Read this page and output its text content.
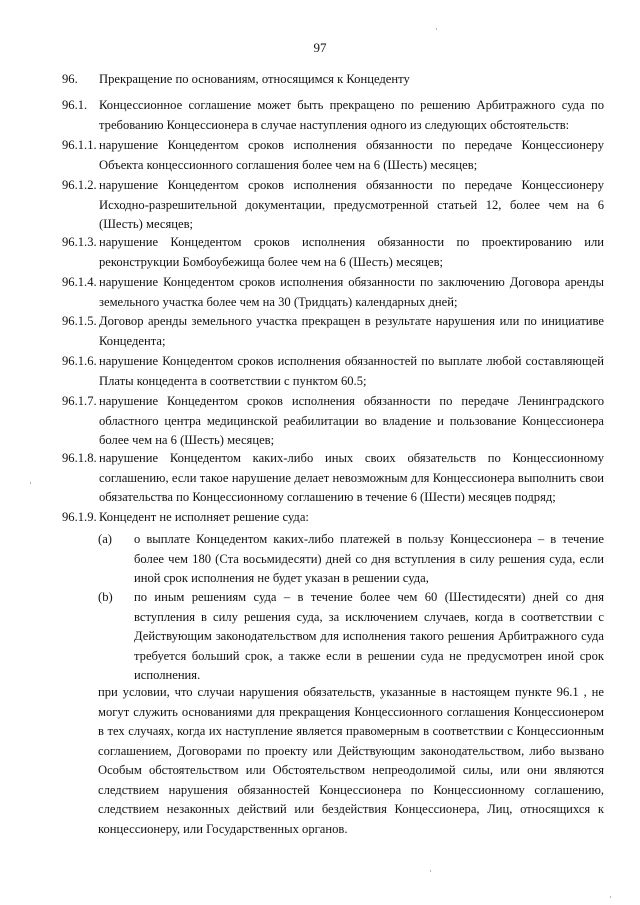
97
96. Прекращение по основаниям, относящимся к Концеденту
96.1. Концессионное соглашение может быть прекращено по решению Арбитражного суда по требованию Концессионера в случае наступления одного из следующих обстоятельств:
96.1.1. нарушение Концедентом сроков исполнения обязанности по передаче Концессионеру Объекта концессионного соглашения более чем на 6 (Шесть) месяцев;
96.1.2. нарушение Концедентом сроков исполнения обязанности по передаче Концессионеру Исходно-разрешительной документации, предусмотренной статьей 12, более чем на 6 (Шесть) месяцев;
96.1.3. нарушение Концедентом сроков исполнения обязанности по проектированию или реконструкции Бомбоубежища более чем на 6 (Шесть) месяцев;
96.1.4. нарушение Концедентом сроков исполнения обязанности по заключению Договора аренды земельного участка более чем на 30 (Тридцать) календарных дней;
96.1.5. Договор аренды земельного участка прекращен в результате нарушения или по инициативе Концедента;
96.1.6. нарушение Концедентом сроков исполнения обязанностей по выплате любой составляющей Платы концедента в соответствии с пунктом 60.5;
96.1.7. нарушение Концедентом сроков исполнения обязанности по передаче Ленинградского областного центра медицинской реабилитации во владение и пользование Концессионера более чем на 6 (Шесть) месяцев;
96.1.8. нарушение Концедентом каких-либо иных своих обязательств по Концессионному соглашению, если такое нарушение делает невозможным для Концессионера выполнить свои обязательства по Концессионному соглашению в течение 6 (Шести) месяцев подряд;
96.1.9. Концедент не исполняет решение суда:
(a) о выплате Концедентом каких-либо платежей в пользу Концессионера – в течение более чем 180 (Ста восьмидесяти) дней со дня вступления в силу решения суда, если иной срок исполнения не будет указан в решении суда,
(b) по иным решениям суда – в течение более чем 60 (Шестидесяти) дней со дня вступления в силу решения суда, за исключением случаев, когда в соответствии с Действующим законодательством для исполнения такого решения Арбитражного суда требуется больший срок, а также если в решении суда не предусмотрен иной срок исполнения.
при условии, что случаи нарушения обязательств, указанные в настоящем пункте 96.1 , не могут служить основаниями для прекращения Концессионного соглашения Концессионером в тех случаях, когда их наступление является правомерным в соответствии с Концессионным соглашением, Договорами по проекту или Действующим законодательством, либо вызвано Особым обстоятельством или Обстоятельством непреодолимой силы, или они являются следствием нарушения обязанностей Концессионера по Концессионному соглашению, следствием незаконных действий или бездействия Концессионера, Лиц, относящихся к концессионеру, или Государственных органов.
